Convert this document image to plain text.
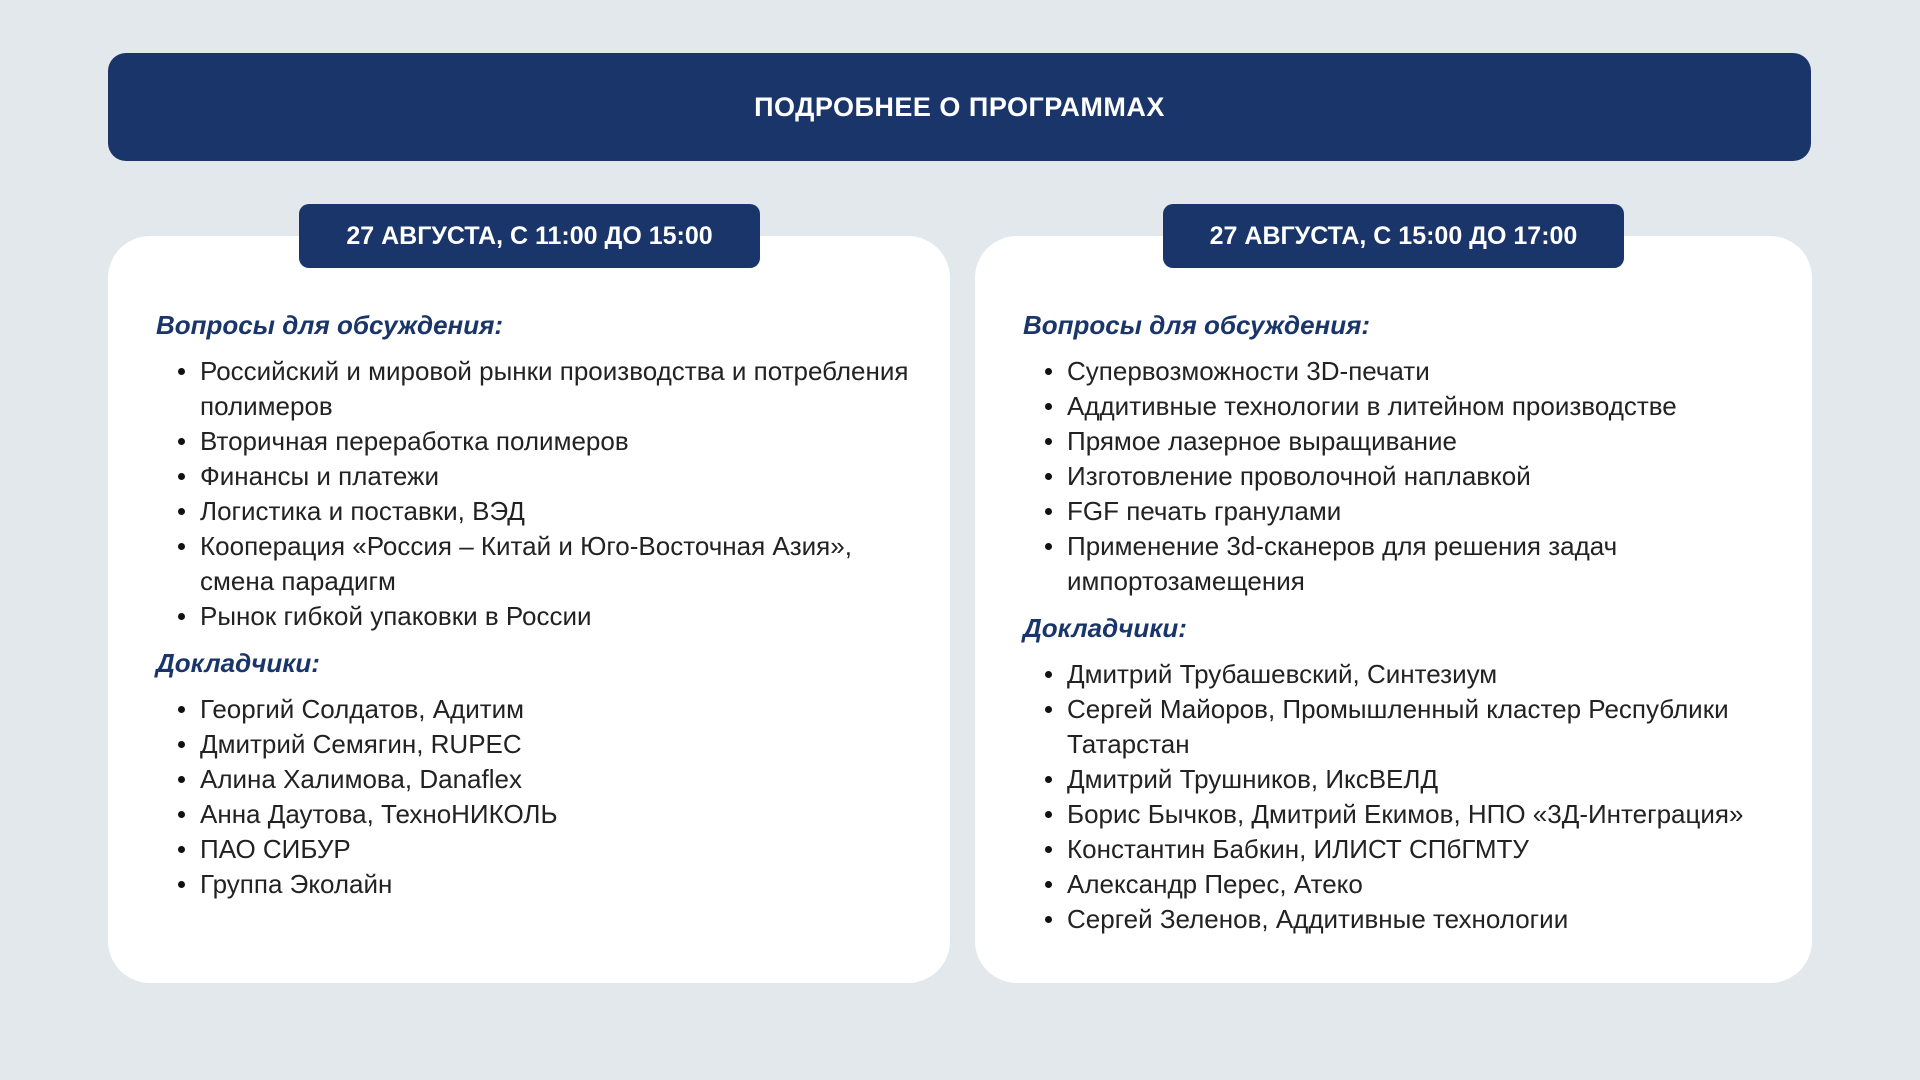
ПОДРОБНЕЕ О ПРОГРАММАХ
27 АВГУСТА, С 11:00 ДО 15:00

Вопросы для обсуждения:

Российский и мировой рынки производства и потребления полимеров
Вторичная переработка полимеров
Финансы и платежи
Логистика и поставки, ВЭД
Кооперация «Россия – Китай и Юго-Восточная Азия», смена парадигм
Рынок гибкой упаковки в России

Докладчики:

Георгий Солдатов, Адитим
Дмитрий Семягин, RUPEC
Алина Халимова, Danaflex
Анна Даутова, ТехноНИКОЛЬ
ПАО СИБУР
Группа Эколайн
27 АВГУСТА, С 15:00 ДО 17:00

Вопросы для обсуждения:

Супервозможности 3D-печати
Аддитивные технологии в литейном производстве
Прямое лазерное выращивание
Изготовление проволочной наплавкой
FGF печать гранулами
Применение 3d-сканеров для решения задач импортозамещения

Докладчики:

Дмитрий Трубашевский, Синтезиум
Сергей Майоров, Промышленный кластер Республики Татарстан
Дмитрий Трушников, ИксВЕЛД
Борис Бычков, Дмитрий Екимов, НПО «3Д-Интеграция»
Константин Бабкин, ИЛИСТ СПбГМТУ
Александр Перес, Атеко
Сергей Зеленов, Аддитивные технологии
